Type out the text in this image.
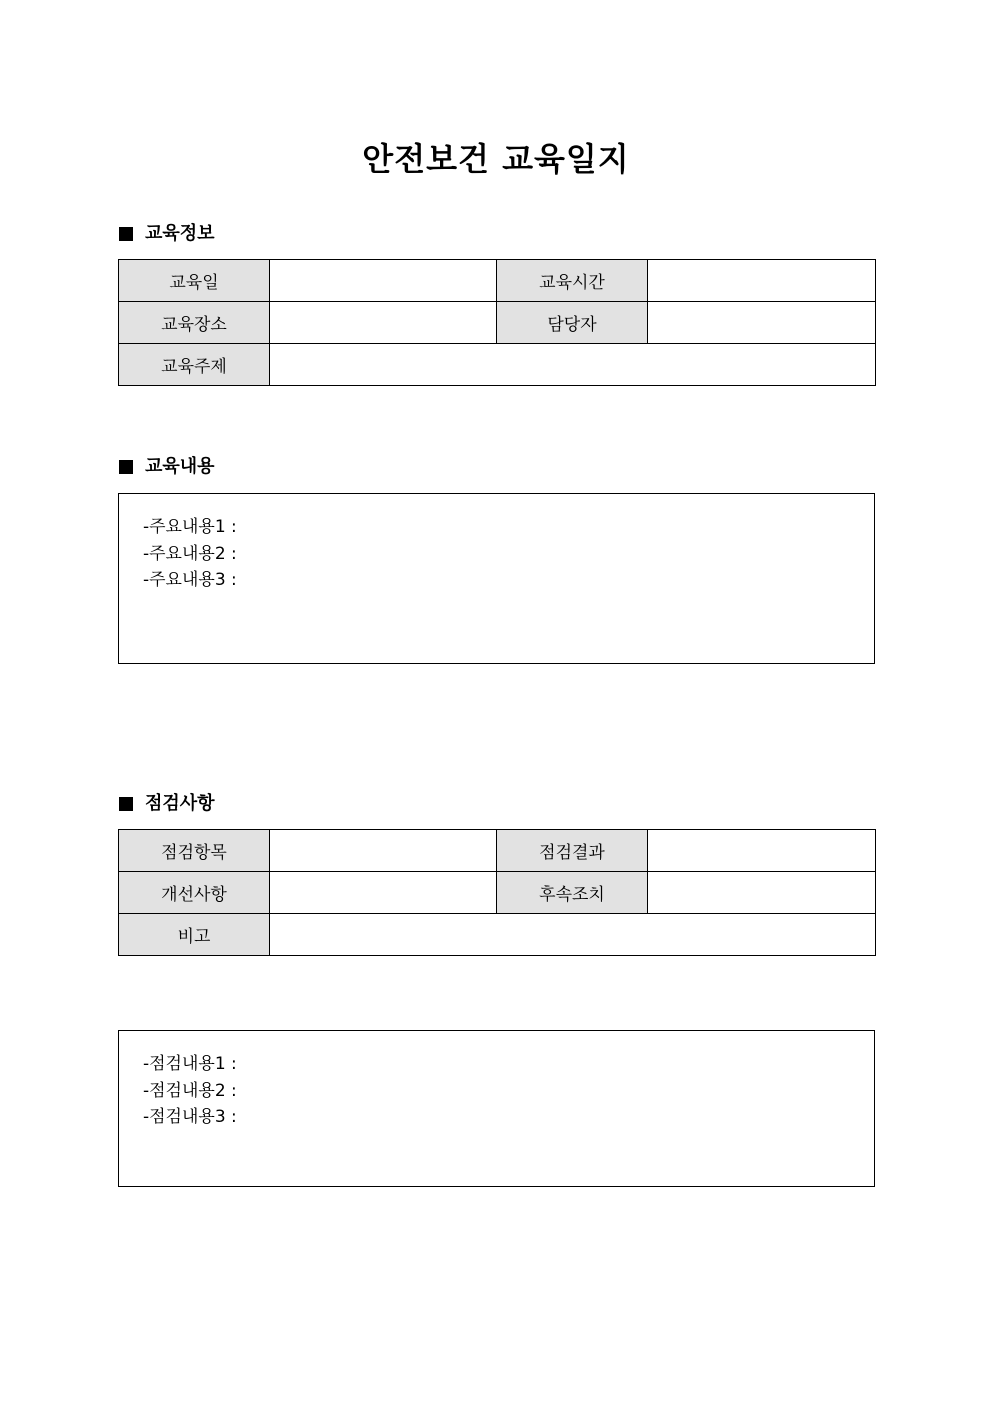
안전보건 교육일지
교육정보
교육일		교육시간	
교육장소		담당자	
교육주제			
교육내용
-주요내용1 :
-주요내용2 :
-주요내용3 :
점검사항
점검항목		점검결과	
개선사항		후속조치	
비고			
-점검내용1 :
-점검내용2 :
-점검내용3 :
